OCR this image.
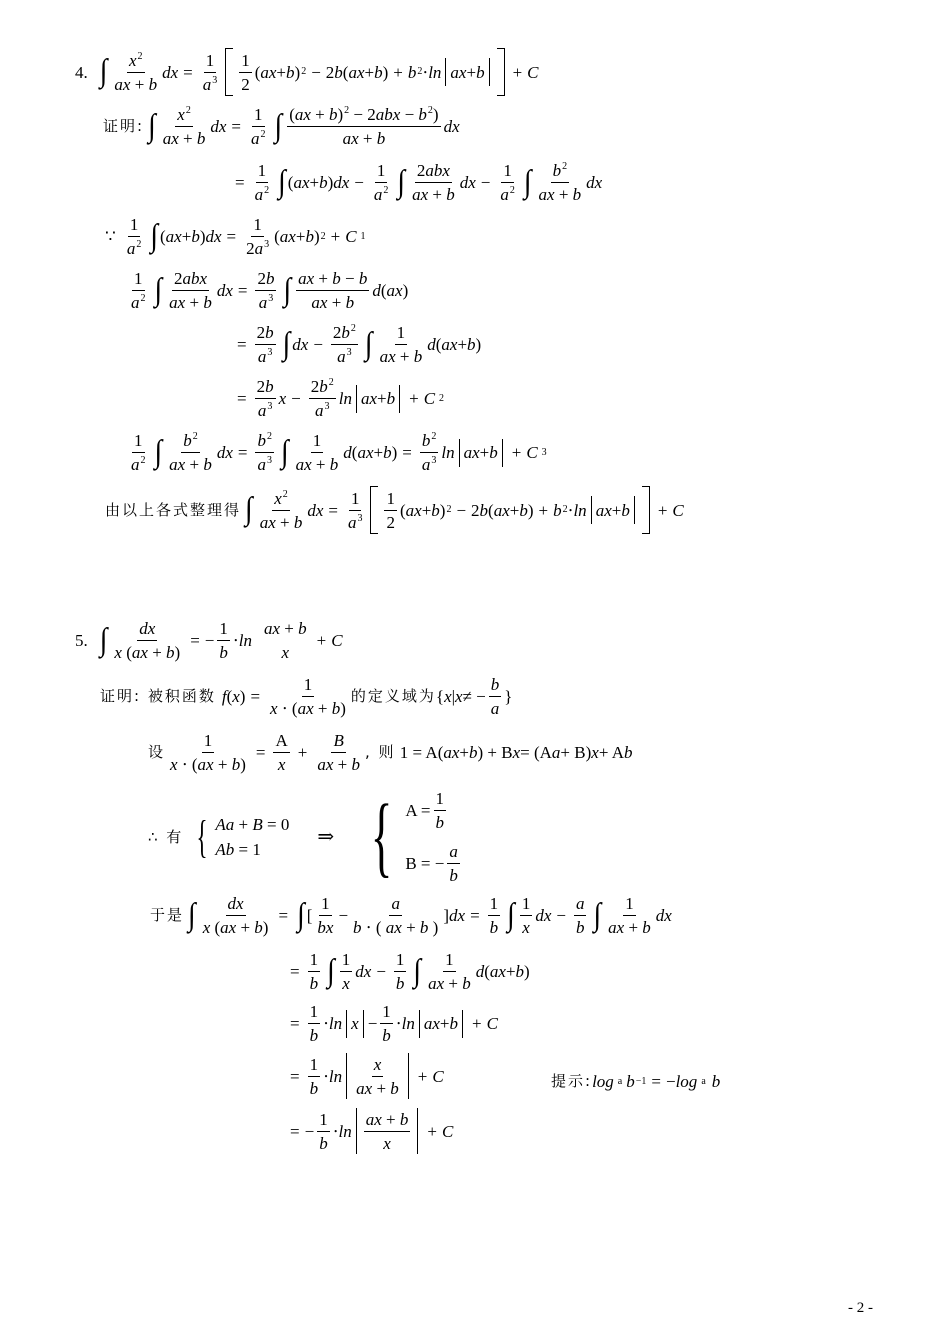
4. ∫ $\frac{x^2}{ax + b}$ dx = $\frac{1}{a^3} \frac{1}{2}$ ( ax + b ) 2 − 2 b ( ax + b ) + b 2 ⋅ ln ax + b + C
证明: ∫ $\frac{x^2}{ax + b}$ dx = $\frac{1}{a^2}$ ∫ $\frac{(ax + b)^2 - 2abx - b^2)}{ax + b}$ dx
= $\frac{1}{a^2}$ ∫ ( ax + b ) dx − $\frac{1}{a^2}$ ∫ $\frac{\text{2abx}}{ax + b}$ dx − $\frac{1}{a^2}$ ∫ $\frac{b^2}{ax + b}$ dx
∵ $\frac{1}{a^2}$ ∫ ( ax + b ) dx = $\frac{1}{2a^3}$ ( ax + b ) 2 + C 1
$\frac{1}{a^2}$ ∫ $\frac{\text{2abx}}{ax + b}$ dx = $\frac{2b}{a^3}$ ∫ $\frac{ax + b - b}{ax + b}$ d ( ax )
= $\frac{2b}{a^3}$ ∫ dx − $\frac{2b^2}{a^3}$ ∫ $\frac{1}{ax + b}$ d ( ax + b )
= $\frac{2b}{a^3}$ $x - \frac{2b^2}{a^3}$ ln ax + b + C 2
$\frac{1}{a^2}$ ∫ $\frac{b^2}{ax + b}$ dx = $\frac{b^2}{a^3}$ ∫ $\frac{1}{ax + b}$ d ( ax + b ) = $\frac{b^2}{a^3}$ ln ax + b + C 3
由以上各式整理得 ∫ $\frac{x^2}{ax + b}$ dx = $\frac{1}{a^3} \frac{1}{2}$ ( ax + b ) 2 − 2 b ( ax + b ) + b 2 ⋅ ln ax + b + C
5. ∫ $\frac{dx}{x (ax + b)}$ = − $\frac{1}{b} \cdot \ln$
ax + b
x
+ C
证明: 被积函数 f ( x ) = $\frac{1}{x \cdot (ax + b)}$ 的定义域为 { x | x ≠ − $\frac{b}{a}$ }
设 $\frac{1}{x \cdot (ax + b)} = \frac{A}{x} + \frac{B}{ax + b}$ , 则 1 = A( ax + b ) + B x = (A a + B) x + A b
∴ 有 { Aa + B = 0
Ab = 1
⇒ { $A = \frac{1}{b}$
B = − $\frac{a}{b}$
于是 ∫ $\frac{dx}{x (ax + b)}$ = ∫ [ $\frac{1}{bx} - \frac{a}{b \cdot ( ax + b )}$ ] dx = $\frac{1}{b}$ ∫ $\frac{1}{x}$ dx − $\frac{a}{b}$ ∫ $\frac{1}{ax + b}$ dx
= $\frac{1}{b}$ ∫ $\frac{1}{x}$ dx − $\frac{1}{b}$ ∫ $\frac{1}{ax + b}$ d ( ax + b )
= $\frac{1}{b} \cdot \ln x - \frac{1}{b} \cdot \ln$ ax + b + C
= $\frac{1}{b} \cdot \ln \frac{x}{ax + b} + C$	提示: log a b −1 = − log a b
= − $\frac{1}{b} \cdot \ln \frac{ax + b}{x} + C$
- 2 -
